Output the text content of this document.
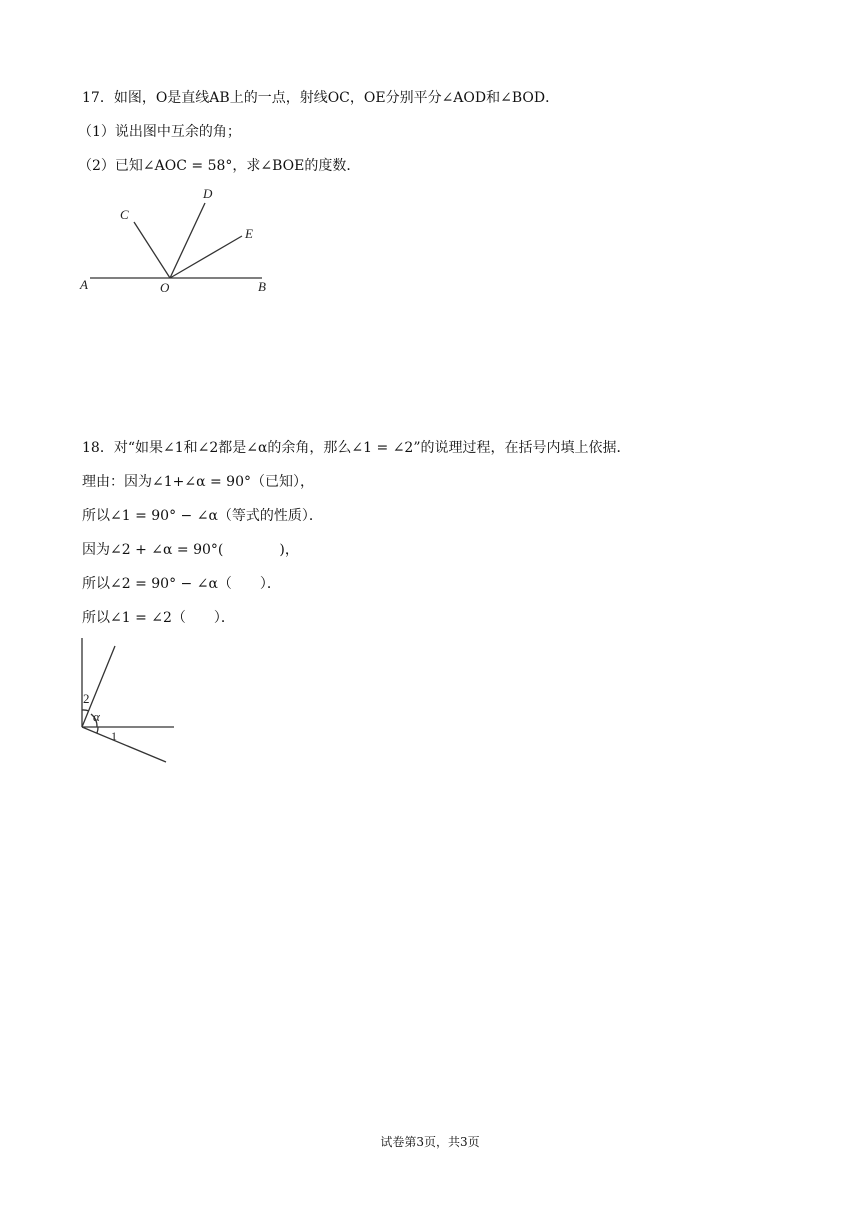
17．如图，O是直线AB上的一点，射线OC，OE分别平分∠AOD和∠BOD．
（1）说出图中互余的角；
（2）已知∠AOC = 58°，求∠BOE的度数．
A	O	B
C
D
E
18．对“如果∠1和∠2都是∠α的余角，那么∠1 = ∠2”的说理过程，在括号内填上依据．
理由：因为∠1+∠α = 90°（已知），
所以∠1 = 90° − ∠α（等式的性质）．
因为∠2 + ∠α = 90°(　　　　)，
所以∠2 = 90° − ∠α（　　）．
所以∠1 = ∠2（　　）．
2
α
1
试卷第3页，共3页
